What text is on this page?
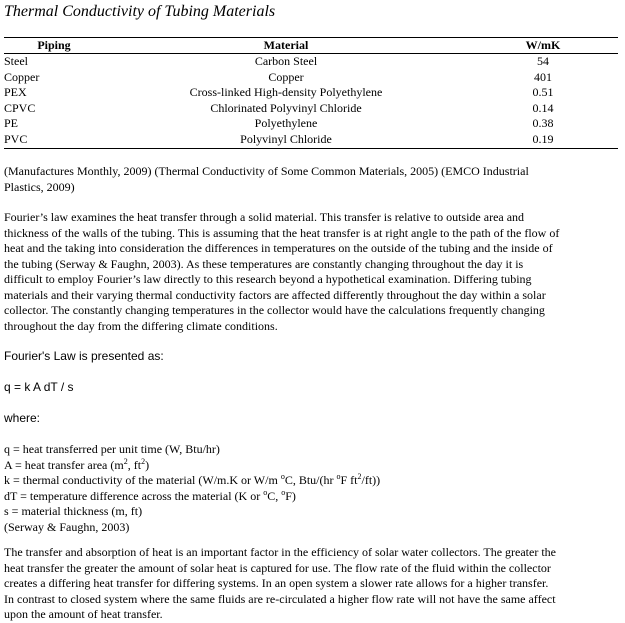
Thermal Conductivity of Tubing Materials
Piping	Material	W/mK
Steel	Carbon Steel	54
Copper	Copper	401
PEX	Cross-linked High-density Polyethylene	0.51
CPVC	Chlorinated Polyvinyl Chloride	0.14
PE	Polyethylene	0.38
PVC	Polyvinyl Chloride	0.19
(Manufactures Monthly, 2009) (Thermal Conductivity of Some Common Materials, 2005) (EMCO Industrial
Plastics, 2009)
Fourier’s law examines the heat transfer through a solid material. This transfer is relative to outside area and
thickness of the walls of the tubing. This is assuming that the heat transfer is at right angle to the path of the flow of
heat and the taking into consideration the differences in temperatures on the outside of the tubing and the inside of
the tubing (Serway & Faughn, 2003). As these temperatures are constantly changing throughout the day it is
difficult to employ Fourier’s law directly to this research beyond a hypothetical examination. Differing tubing
materials and their varying thermal conductivity factors are affected differently throughout the day within a solar
collector. The constantly changing temperatures in the collector would have the calculations frequently changing
throughout the day from the differing climate conditions.
Fourier's Law is presented as:
q = k A dT / s
where:
q = heat transferred per unit time (W, Btu/hr)
A = heat transfer area ($m^2$, $ft^2$)
k = thermal conductivity of the material (W/m.K or W/m $^o$C, Btu/(hr $^o$F $ft^2/ft$))
dT = temperature difference across the material (K or $^o$C, $^o$F)
s = material thickness (m, ft)
(Serway & Faughn, 2003)
The transfer and absorption of heat is an important factor in the efficiency of solar water collectors. The greater the
heat transfer the greater the amount of solar heat is captured for use. The flow rate of the fluid within the collector
creates a differing heat transfer for differing systems. In an open system a slower rate allows for a higher transfer.
In contrast to closed system where the same fluids are re-circulated a higher flow rate will not have the same affect
upon the amount of heat transfer.
